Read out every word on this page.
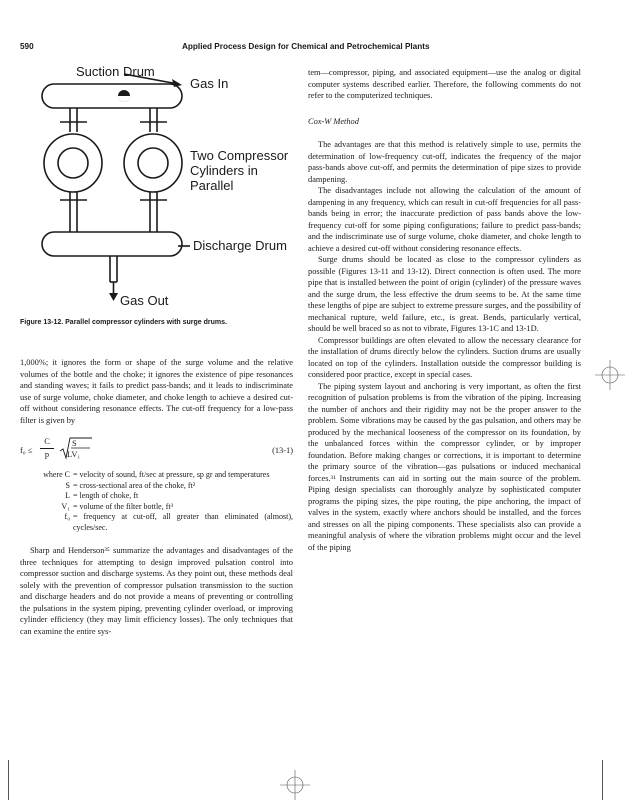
590	Applied Process Design for Chemical and Petrochemical Plants
Suction Drum
Gas In
Two Compressor
Cylinders in
Parallel
Discharge Drum
Gas Out
Figure 13-12. Parallel compressor cylinders with surge drums.

1,000%; it ignores the form or shape of the surge volume and the relative volumes of the bottle and the choke; it ignores the existence of pipe resonances and standing waves; it fails to predict pass-bands; and it leads to indiscriminate use of surge volume, choke diameter, and choke length to achieve a desired cut-off without considering resonance effects. The cut-off frequency for a low-pass filter is given by

$f_0 \le \frac{C}{p}$ S
LV₁	(13-1)
where C = velocity of sound, ft/sec at pressure, sp gr and temperatures
S = cross-sectional area of the choke, ft²
L = length of choke, ft
V₁ = volume of the filter bottle, ft³
f₀ = frequency at cut-off, all greater than eliminated (almost), cycles/sec.

Sharp and Henderson³⁵ summarize the advantages and disadvantages of the three techniques for attempting to design improved pulsation control into compressor suction and discharge systems. As they point out, these methods deal solely with the prevention of compressor pulsation transmission to the suction and discharge headers and do not provide a means of preventing or controlling the pulsations in the system piping, preventing cylinder overload, or improving cylinder efficiency (they may limit efficiency losses). The only techniques that can examine the entire sys-

tem—compressor, piping, and associated equipment—use the analog or digital computer systems described earlier. Therefore, the following comments do not refer to the computerized techniques.

Cox-W Method

The advantages are that this method is relatively simple to use, permits the determination of low-frequency cut-off, indicates the frequency of the major pass-bands above cut-off, and permits the determination of pipe sizes to provide dampening.

The disadvantages include not allowing the calculation of the amount of dampening in any frequency, which can result in cut-off frequencies for all pass-bands being in error; the inaccurate prediction of pass bands above the low-frequency cut-off for some piping configurations; failure to predict pass-bands; and the indiscriminate use of surge volume, choke diameter, and choke length to achieve a desired cut-off without considering resonance effects.

Surge drums should be located as close to the compressor cylinders as possible (Figures 13-11 and 13-12). Direct connection is often used. The more pipe that is installed between the point of origin (cylinder) of the pressure waves and the surge drum, the less effective the drum seems to be. At the same time these lengths of pipe are subject to extreme pressure surges, and the possibility of mechanical rupture, weld failure, etc., is great. Bends, particularly vertical, should be well braced so as not to vibrate, Figures 13-1C and 13-1D.

Compressor buildings are often elevated to allow the necessary clearance for the installation of drums directly below the cylinders. Suction drums are usually located on top of the cylinders. Installation outside the compressor building is considered poor practice, except in special cases.

The piping system layout and anchoring is very important, as often the first recognition of pulsation problems is from the vibration of the piping. Increasing the number of anchors and their rigidity may not be the proper answer to the problem. Some vibrations may be caused by the gas pulsation, and others may be produced by the mechanical looseness of the compressor on its foundation, by the unbalanced forces within the compressor cylinder, or by improper foundation. Before making changes or corrections, it is important to determine the primary source of the vibration—gas pulsations or induced mechanical forces.³¹ Instruments can aid in sorting out the main source of the problem. Piping design specialists can thoroughly analyze by sophisticated computer programs the piping sizes, the pipe routing, the pipe anchoring, the impact of valves in the system, exactly where anchors should be installed, and the forces and stresses on all the piping components. These specialists also can provide a meaningful analysis of where the vibration problems might occur and the level of the piping
